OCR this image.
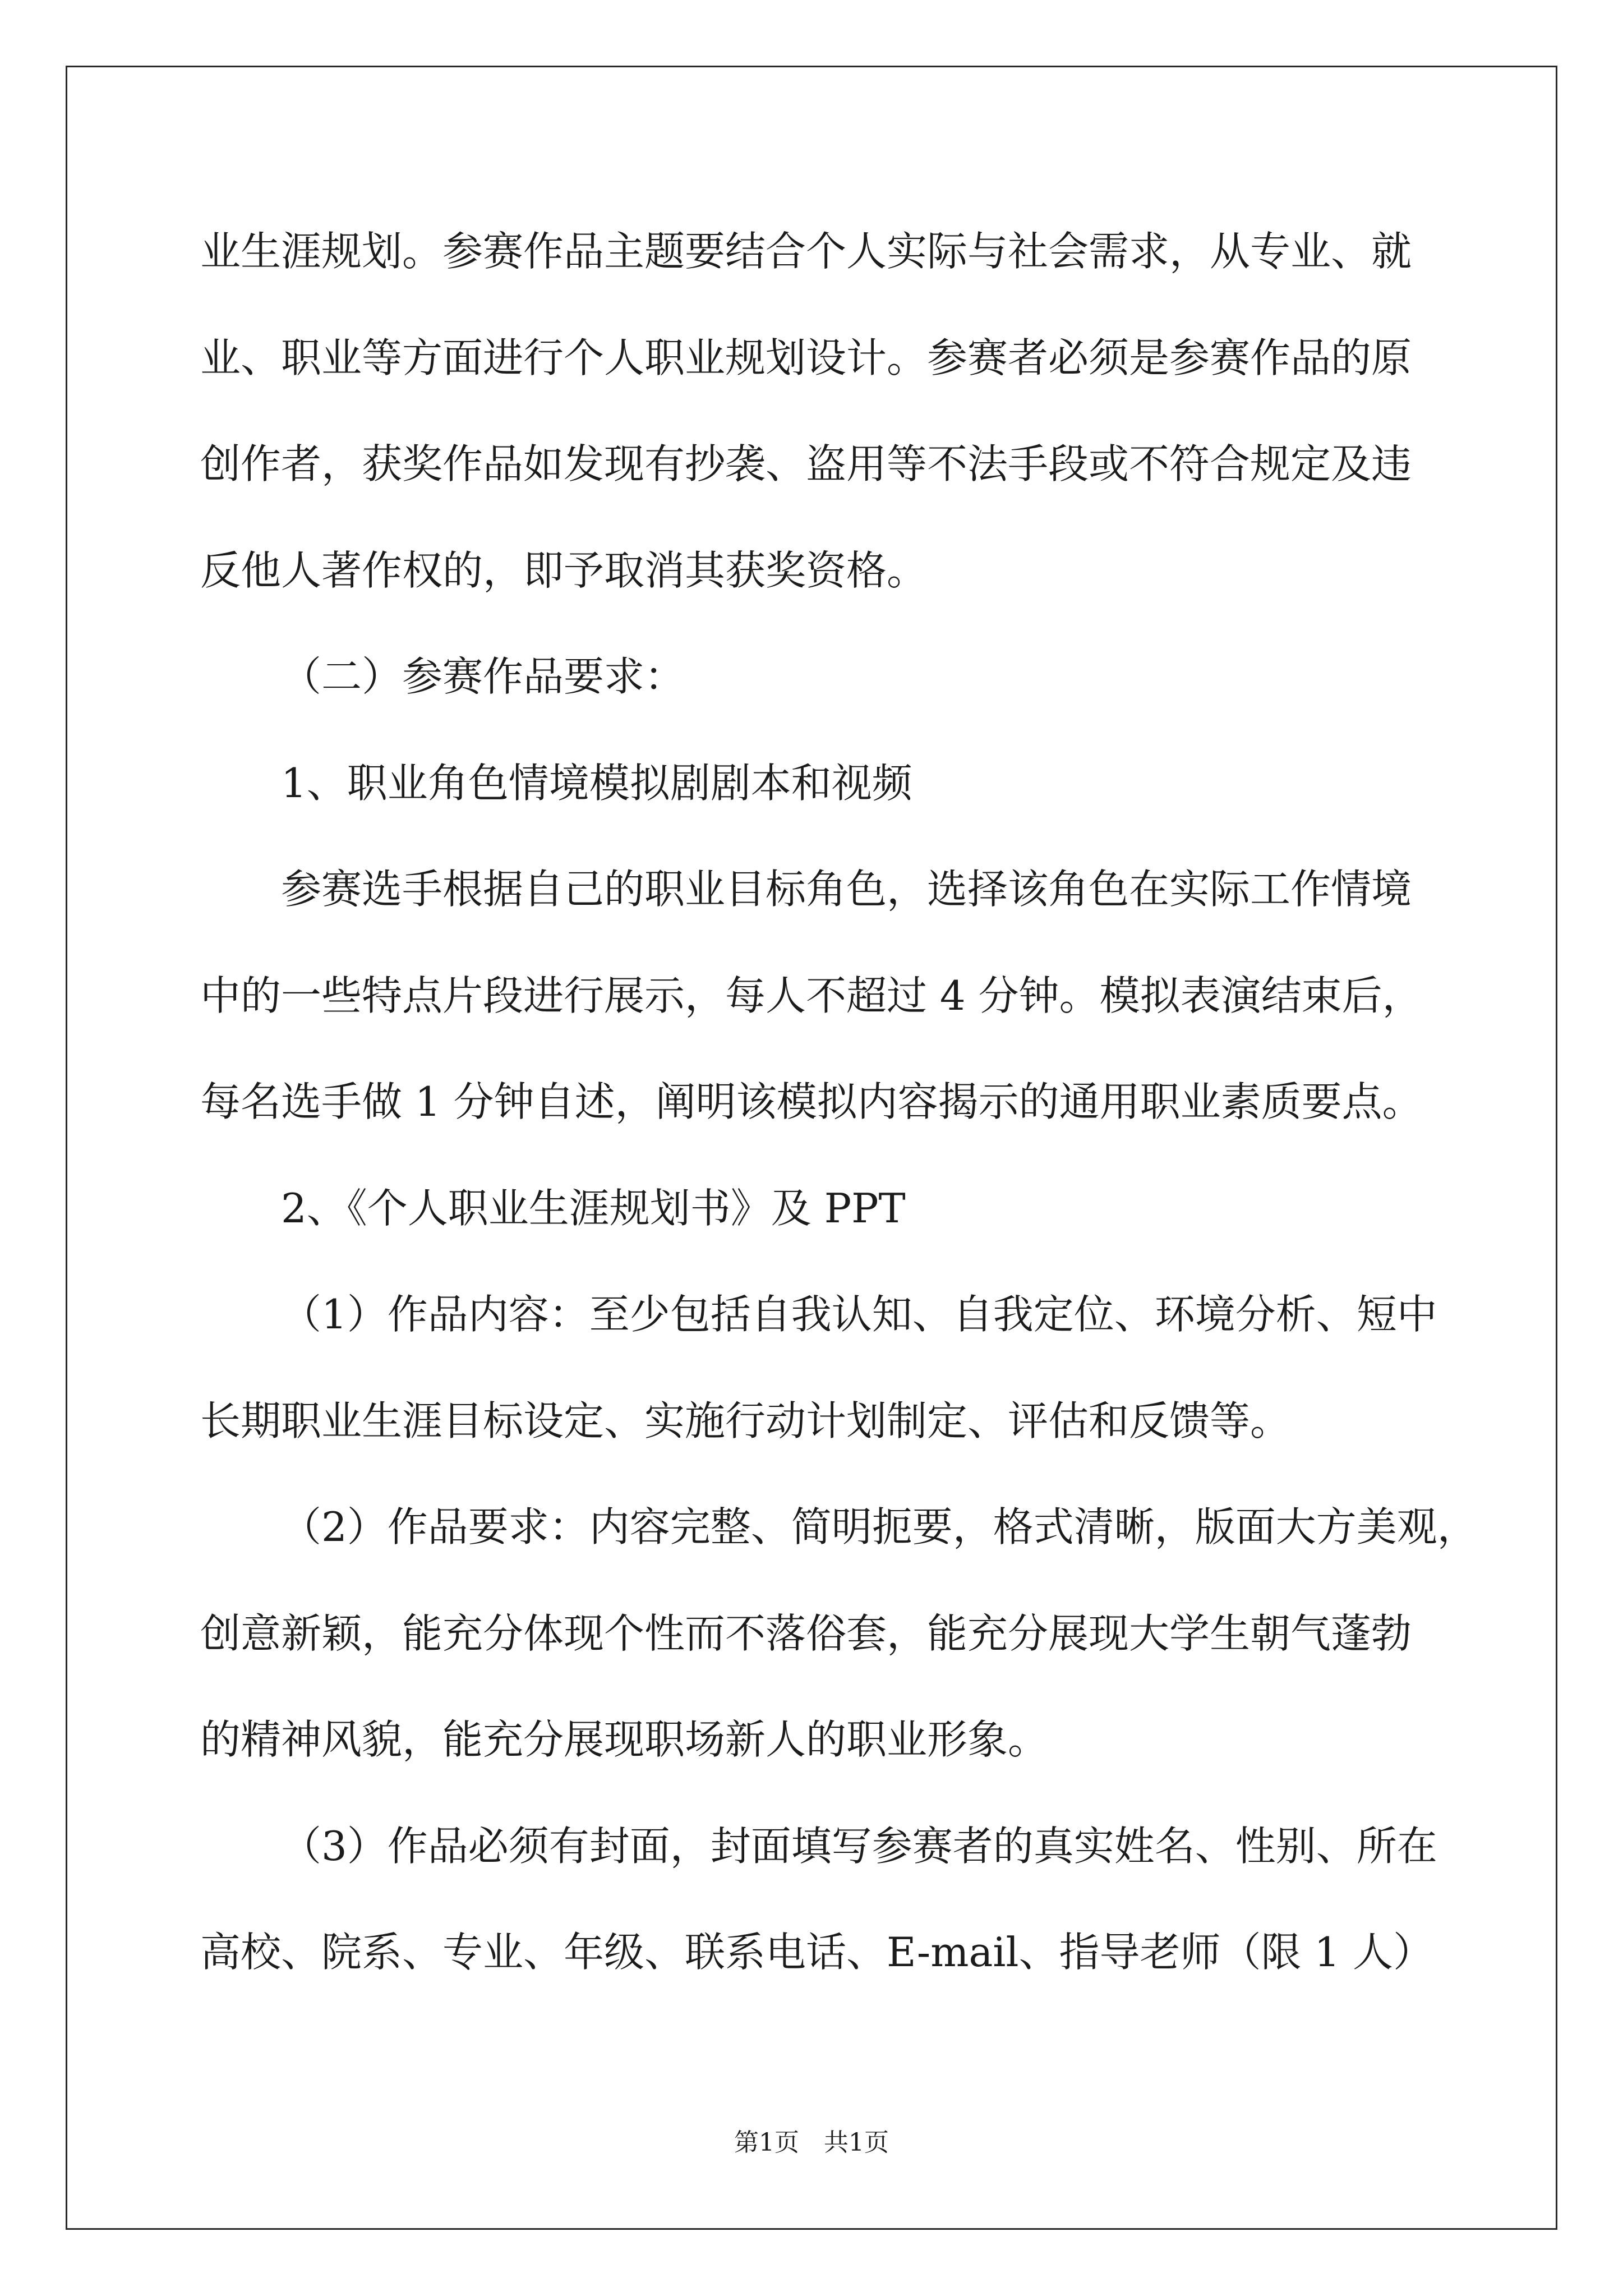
业生涯规划。参赛作品主题要结合个人实际与社会需求，从专业、就
业、职业等方面进行个人职业规划设计。参赛者必须是参赛作品的原
创作者，获奖作品如发现有抄袭、盗用等不法手段或不符合规定及违
反他人著作权的，即予取消其获奖资格。
（二）参赛作品要求：
1、职业角色情境模拟剧剧本和视频
参赛选手根据自己的职业目标角色，选择该角色在实际工作情境
中的一些特点片段进行展示，每人不超过 4 分钟。模拟表演结束后，
每名选手做 1 分钟自述，阐明该模拟内容揭示的通用职业素质要点。
2、《个人职业生涯规划书》及 PPT
（1）作品内容：至少包括自我认知、自我定位、环境分析、短中
长期职业生涯目标设定、实施行动计划制定、评估和反馈等。
（2）作品要求：内容完整、简明扼要，格式清晰，版面大方美观，
创意新颖，能充分体现个性而不落俗套，能充分展现大学生朝气蓬勃
的精神风貌，能充分展现职场新人的职业形象。
（3）作品必须有封面，封面填写参赛者的真实姓名、性别、所在
高校、院系、专业、年级、联系电话、E-mail、指导老师（限 1 人）
第1页　共1页
